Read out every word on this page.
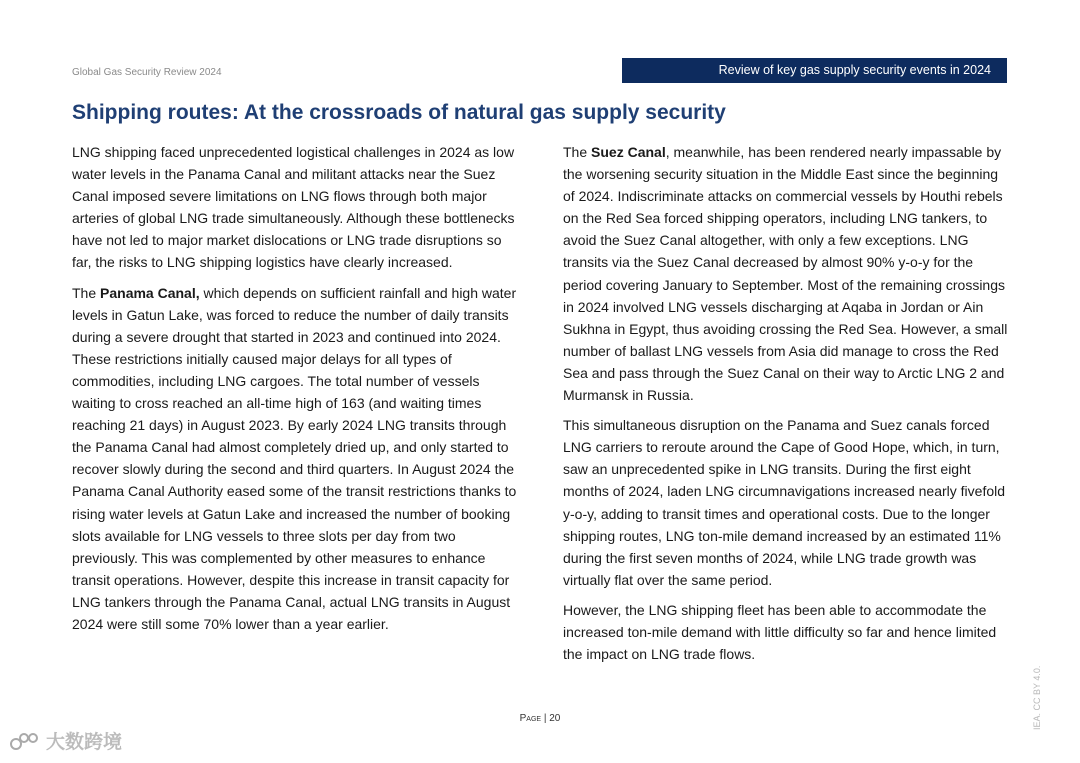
Global Gas Security Review 2024	Review of key gas supply security events in 2024
Shipping routes: At the crossroads of natural gas supply security

LNG shipping faced unprecedented logistical challenges in 2024 as low water levels in the Panama Canal and militant attacks near the Suez Canal imposed severe limitations on LNG flows through both major arteries of global LNG trade simultaneously. Although these bottlenecks have not led to major market dislocations or LNG trade disruptions so far, the risks to LNG shipping logistics have clearly increased.

The Panama Canal, which depends on sufficient rainfall and high water levels in Gatun Lake, was forced to reduce the number of daily transits during a severe drought that started in 2023 and continued into 2024. These restrictions initially caused major delays for all types of commodities, including LNG cargoes. The total number of vessels waiting to cross reached an all-time high of 163 (and waiting times reaching 21 days) in August 2023. By early 2024 LNG transits through the Panama Canal had almost completely dried up, and only started to recover slowly during the second and third quarters. In August 2024 the Panama Canal Authority eased some of the transit restrictions thanks to rising water levels at Gatun Lake and increased the number of booking slots available for LNG vessels to three slots per day from two previously. This was complemented by other measures to enhance transit operations. However, despite this increase in transit capacity for LNG tankers through the Panama Canal, actual LNG transits in August 2024 were still some 70% lower than a year earlier.

The Suez Canal, meanwhile, has been rendered nearly impassable by the worsening security situation in the Middle East since the beginning of 2024. Indiscriminate attacks on commercial vessels by Houthi rebels on the Red Sea forced shipping operators, including LNG tankers, to avoid the Suez Canal altogether, with only a few exceptions. LNG transits via the Suez Canal decreased by almost 90% y-o-y for the period covering January to September. Most of the remaining crossings in 2024 involved LNG vessels discharging at Aqaba in Jordan or Ain Sukhna in Egypt, thus avoiding crossing the Red Sea. However, a small number of ballast LNG vessels from Asia did manage to cross the Red Sea and pass through the Suez Canal on their way to Arctic LNG 2 and Murmansk in Russia.

This simultaneous disruption on the Panama and Suez canals forced LNG carriers to reroute around the Cape of Good Hope, which, in turn, saw an unprecedented spike in LNG transits. During the first eight months of 2024, laden LNG circumnavigations increased nearly fivefold y-o-y, adding to transit times and operational costs. Due to the longer shipping routes, LNG ton-mile demand increased by an estimated 11% during the first seven months of 2024, while LNG trade growth was virtually flat over the same period.

However, the LNG shipping fleet has been able to accommodate the increased ton-mile demand with little difficulty so far and hence limited the impact on LNG trade flows.

Page | 20	IEA. CC BY 4.0.
大数跨境
